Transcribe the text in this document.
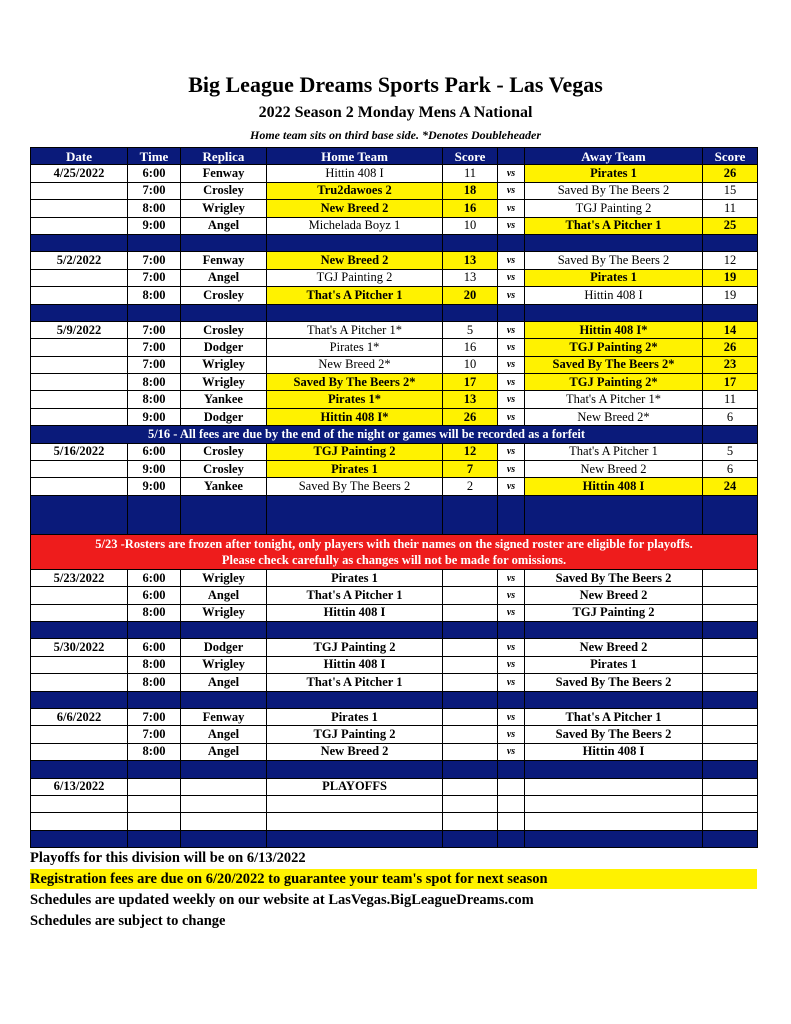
Big League Dreams Sports Park - Las Vegas
2022 Season 2 Monday Mens A National
Home team sits on third base side. *Denotes Doubleheader
Date	Time	Replica	Home Team	Score		Away Team	Score
4/25/2022	6:00	Fenway	Hittin 408 I	11	vs	Pirates 1	26
	7:00	Crosley	Tru2dawoes 2	18	vs	Saved By The Beers 2	15
	8:00	Wrigley	New Breed 2	16	vs	TGJ Painting 2	11
	9:00	Angel	Michelada Boyz 1	10	vs	That's A Pitcher 1	25

5/2/2022	7:00	Fenway	New Breed 2	13	vs	Saved By The Beers 2	12
	7:00	Angel	TGJ Painting 2	13	vs	Pirates 1	19
	8:00	Crosley	That's A Pitcher 1	20	vs	Hittin 408 I	19

5/9/2022	7:00	Crosley	That's A Pitcher 1*	5	vs	Hittin 408 I*	14
	7:00	Dodger	Pirates 1*	16	vs	TGJ Painting 2*	26
	7:00	Wrigley	New Breed 2*	10	vs	Saved By The Beers 2*	23
	8:00	Wrigley	Saved By The Beers 2*	17	vs	TGJ Painting 2*	17
	8:00	Yankee	Pirates 1*	13	vs	That's A Pitcher 1*	11
	9:00	Dodger	Hittin 408 I*	26	vs	New Breed 2*	6
5/16 - All fees are due by the end of the night or games will be recorded as a forfeit							
5/16/2022	6:00	Crosley	TGJ Painting 2	12	vs	That's A Pitcher 1	5
	9:00	Crosley	Pirates 1	7	vs	New Breed 2	6
	9:00	Yankee	Saved By The Beers 2	2	vs	Hittin 408 I	24

5/23 -Rosters are frozen after tonight, only players with their names on the signed roster are eligible for playoffs.
Please check carefully as changes will not be made for omissions.							

5/23/2022	6:00	Wrigley	Pirates 1		vs	Saved By The Beers 2	
	6:00	Angel	That's A Pitcher 1		vs	New Breed 2	
	8:00	Wrigley	Hittin 408 I		vs	TGJ Painting 2	

5/30/2022	6:00	Dodger	TGJ Painting 2		vs	New Breed 2	
	8:00	Wrigley	Hittin 408 I		vs	Pirates 1	
	8:00	Angel	That's A Pitcher 1		vs	Saved By The Beers 2	

6/6/2022	7:00	Fenway	Pirates 1		vs	That's A Pitcher 1	
	7:00	Angel	TGJ Painting 2		vs	Saved By The Beers 2	
	8:00	Angel	New Breed 2		vs	Hittin 408 I	

6/13/2022			PLAYOFFS				

Playoffs for this division will be on 6/13/2022
Registration fees are due on 6/20/2022 to guarantee your team's spot for next season
Schedules are updated weekly on our website at LasVegas.BigLeagueDreams.com
Schedules are subject to change
